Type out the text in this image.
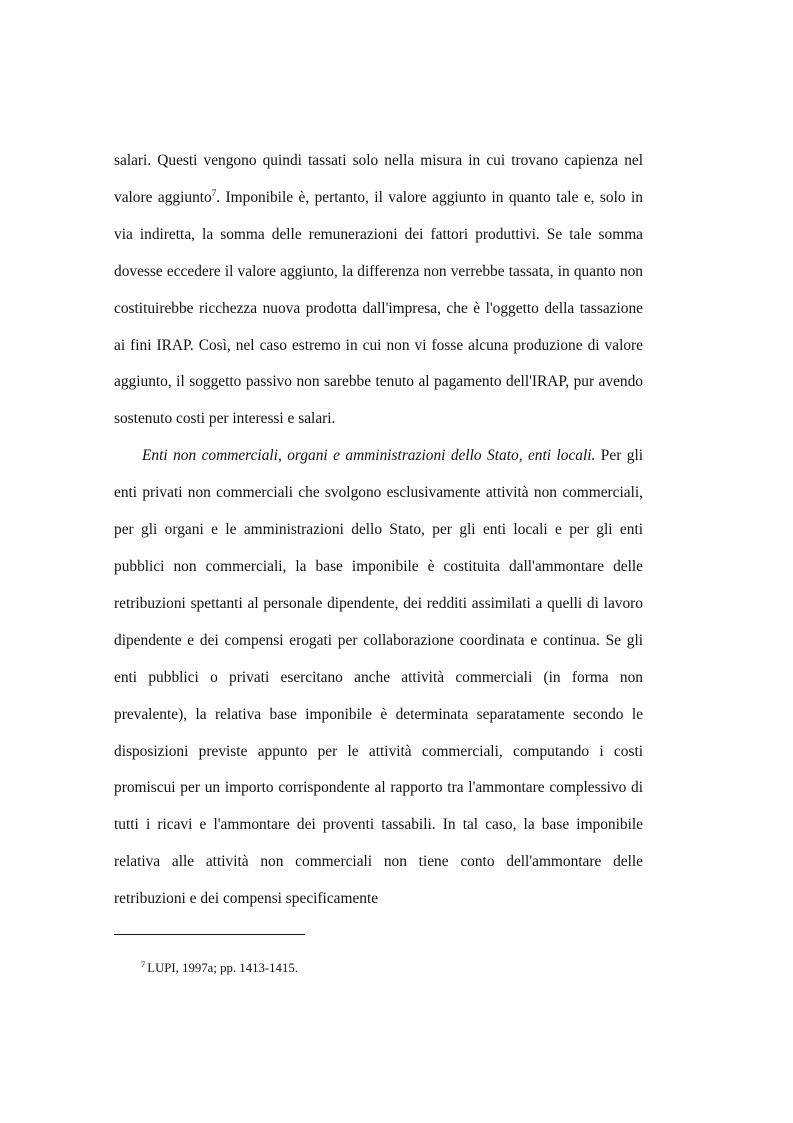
salari. Questi vengono quindi tassati solo nella misura in cui trovano capienza nel valore aggiunto$^7$. Imponibile è, pertanto, il valore aggiunto in quanto tale e, solo in via indiretta, la somma delle remunerazioni dei fattori produttivi. Se tale somma dovesse eccedere il valore aggiunto, la differenza non verrebbe tassata, in quanto non costituirebbe ricchezza nuova prodotta dall'impresa, che è l'oggetto della tassazione ai fini IRAP. Così, nel caso estremo in cui non vi fosse alcuna produzione di valore aggiunto, il soggetto passivo non sarebbe tenuto al pagamento dell'IRAP, pur avendo sostenuto costi per interessi e salari.

Enti non commerciali, organi e amministrazioni dello Stato, enti locali. Per gli enti privati non commerciali che svolgono esclusivamente attività non commerciali, per gli organi e le amministrazioni dello Stato, per gli enti locali e per gli enti pubblici non commerciali, la base imponibile è costituita dall'ammontare delle retribuzioni spettanti al personale dipendente, dei redditi assimilati a quelli di lavoro dipendente e dei compensi erogati per collaborazione coordinata e continua. Se gli enti pubblici o privati esercitano anche attività commerciali (in forma non prevalente), la relativa base imponibile è determinata separatamente secondo le disposizioni previste appunto per le attività commerciali, computando i costi promiscui per un importo corrispondente al rapporto tra l'ammontare complessivo di tutti i ricavi e l'ammontare dei proventi tassabili. In tal caso, la base imponibile relativa alle attività non commerciali non tiene conto dell'ammontare delle retribuzioni e dei compensi specificamente

$^7$ LUPI, 1997a; pp. 1413-1415.
